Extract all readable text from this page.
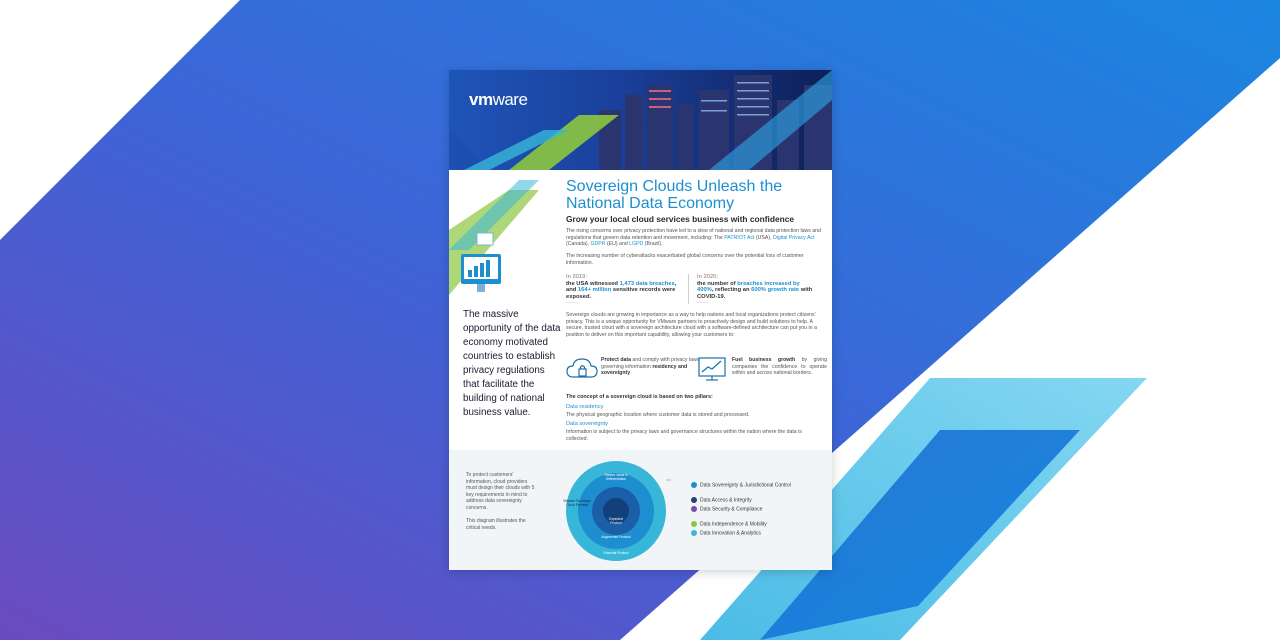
vmware
Sovereign Clouds Unleash the National Data Economy
Grow your local cloud services business with confidence
The rising concerns over privacy protection have led to a slew of national and regional data protection laws and regulations that govern data retention and movement, including: The PATRIOT Act (USA), Digital Privacy Act (Canada), GDPR (EU) and LGPD (Brazil).
The increasing number of cyberattacks exacerbated global concerns over the potential loss of customer information.
In 2019:
the USA witnessed 1,473 data breaches, and 164+ million sensitive records were exposed.
——
In 2020:
the number of breaches increased by 400%, reflecting an 600% growth rate with COVID-19.
——
The massive opportunity of the data economy motivated countries to establish privacy regulations that facilitate the building of national business value.
Sovereign clouds are growing in importance as a way to help nations and local organizations protect citizens' privacy. This is a unique opportunity for VMware partners to proactively design and build solutions to help. A secure, trusted cloud with a sovereign architecture cloud with a software-defined architecture can put you in a position to deliver on this important capability, allowing your customers to:
Protect data and comply with privacy laws governing information residency and sovereignty.
Fuel business growth by giving companies the confidence to operate within and across national borders.
The concept of a sovereign cloud is based on two pillars:
Data residency
The physical geographic location where customer data is stored and processed.
Data sovereignty
Information is subject to the privacy laws and governance structures within the nation where the data is collected.
To protect customers' information, cloud providers must design their clouds with 5 key requirements in mind to address data sovereignty concerns.
This diagram illustrates the critical needs.
Partner Value & Differentiation
VMware Sovereign Cloud Promise
Expected Product
Augmented Product
Potential Product
Data Sovereignty & Jurisdictional Control
Data Access & Integrity
Data Security & Compliance
Data Independence & Mobility
Data Innovation & Analytics
